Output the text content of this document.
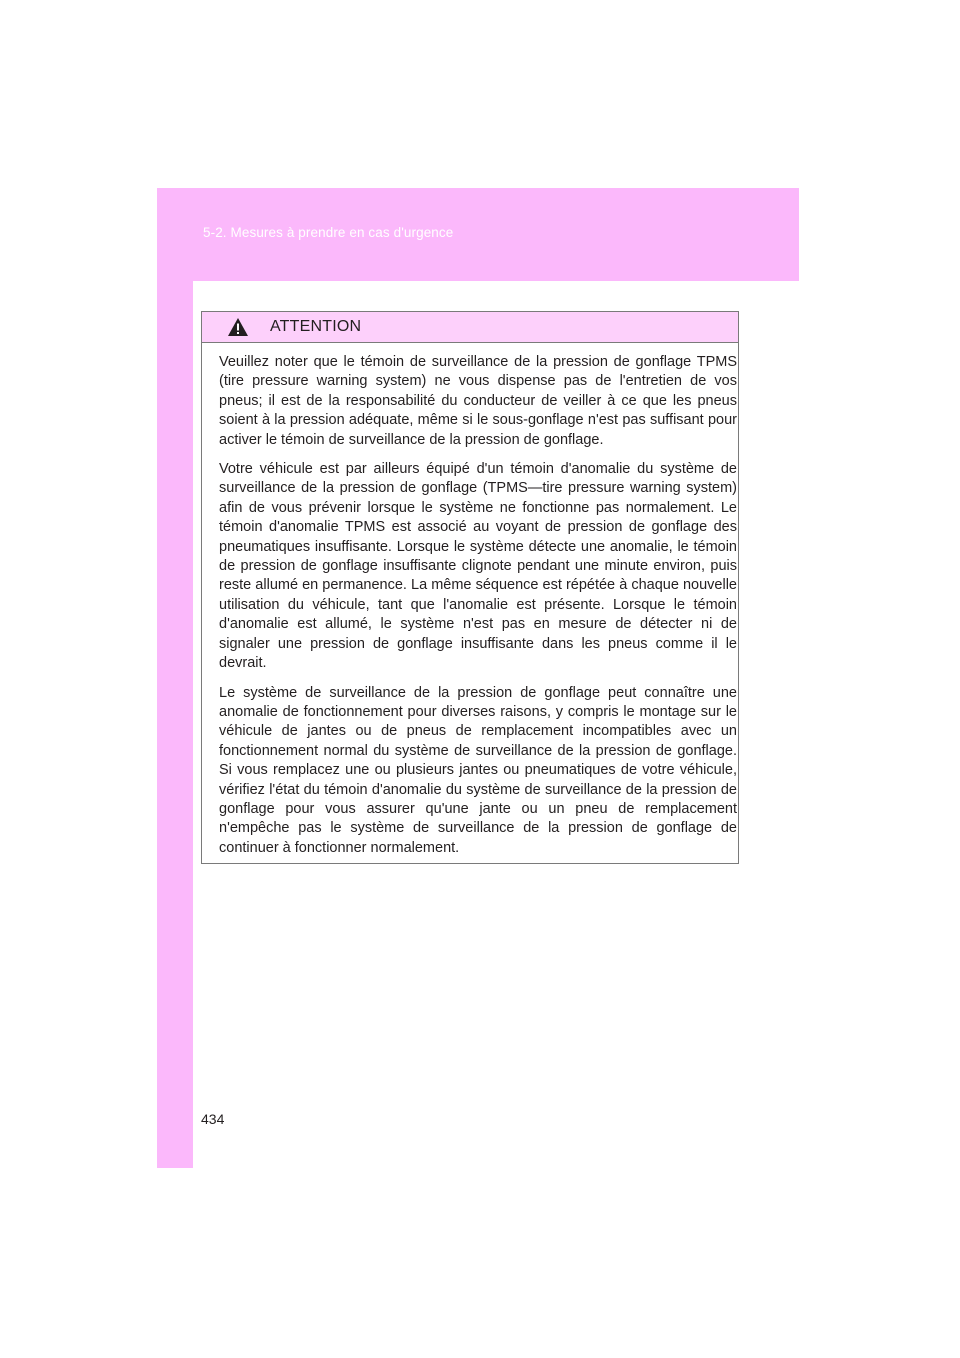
5-2. Mesures à prendre en cas d'urgence
ATTENTION

Veuillez noter que le témoin de surveillance de la pression de gonflage TPMS (tire pressure warning system) ne vous dispense pas de l'entretien de vos pneus; il est de la responsabilité du conducteur de veiller à ce que les pneus soient à la pression adéquate, même si le sous-gonflage n'est pas suffisant pour activer le témoin de surveillance de la pression de gonflage.

Votre véhicule est par ailleurs équipé d'un témoin d'anomalie du système de surveillance de la pression de gonflage (TPMS—tire pressure warning system) afin de vous prévenir lorsque le système ne fonctionne pas normalement. Le témoin d'anomalie TPMS est associé au voyant de pression de gonflage des pneumatiques insuffisante. Lorsque le système détecte une anomalie, le témoin de pression de gonflage insuffisante clignote pendant une minute environ, puis reste allumé en permanence. La même séquence est répétée à chaque nouvelle utilisation du véhicule, tant que l'anomalie est présente. Lorsque le témoin d'anomalie est allumé, le système n'est pas en mesure de détecter ni de signaler une pression de gonflage insuffisante dans les pneus comme il le devrait.

Le système de surveillance de la pression de gonflage peut connaître une anomalie de fonctionnement pour diverses raisons, y compris le montage sur le véhicule de jantes ou de pneus de remplacement incompatibles avec un fonctionnement normal du système de surveillance de la pression de gonflage. Si vous remplacez une ou plusieurs jantes ou pneumatiques de votre véhicule, vérifiez l'état du témoin d'anomalie du système de surveillance de la pression de gonflage pour vous assurer qu'une jante ou un pneu de remplacement n'empêche pas le système de surveillance de la pression de gonflage de continuer à fonctionner normalement.

434
